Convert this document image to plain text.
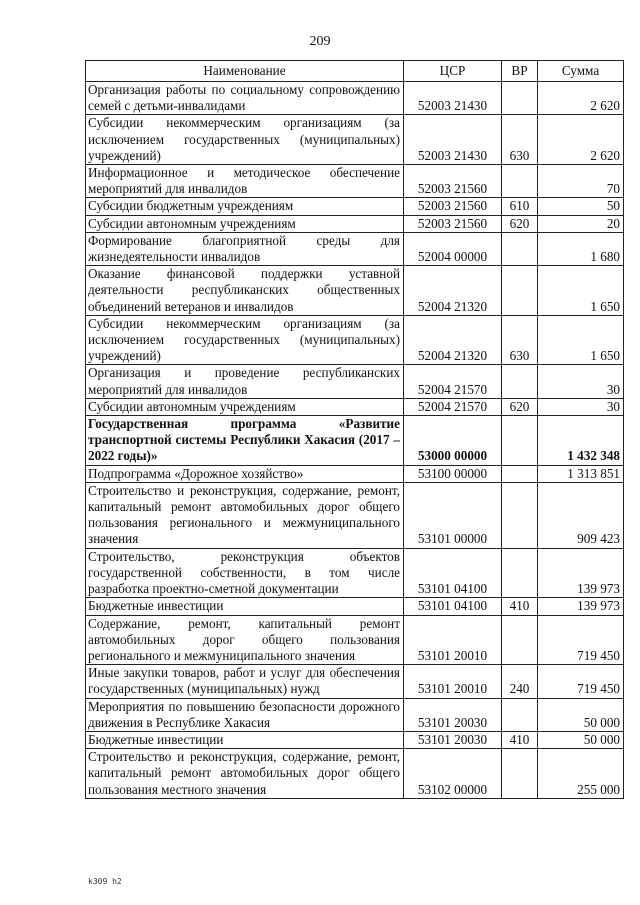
209
Наименование	ЦСР	ВР	Сумма
Организация работы по социальному сопровождению семей с детьми-инвалидами	52003 21430		2 620
Субсидии некоммерческим организациям (за исключением государственных (муниципальных) учреждений)	52003 21430	630	2 620
Информационное и методическое обеспечение мероприятий для инвалидов	52003 21560		70
Субсидии бюджетным учреждениям	52003 21560	610	50
Субсидии автономным учреждениям	52003 21560	620	20
Формирование благоприятной среды для жизнедеятельности инвалидов	52004 00000		1 680
Оказание финансовой поддержки уставной деятельности республиканских общественных объединений ветеранов и инвалидов	52004 21320		1 650
Субсидии некоммерческим организациям (за исключением государственных (муниципальных) учреждений)	52004 21320	630	1 650
Организация и проведение республиканских мероприятий для инвалидов	52004 21570		30
Субсидии автономным учреждениям	52004 21570	620	30
Государственная программа «Развитие транспортной системы Республики Хакасия (2017 – 2022 годы)»	53000 00000		1 432 348
Подпрограмма «Дорожное хозяйство»	53100 00000		1 313 851
Строительство и реконструкция, содержание, ремонт, капитальный ремонт автомобильных дорог общего пользования регионального и межмуниципального значения	53101 00000		909 423
Строительство, реконструкция объектов государственной собственности, в том числе разработка проектно-сметной документации	53101 04100		139 973
Бюджетные инвестиции	53101 04100	410	139 973
Содержание, ремонт, капитальный ремонт автомобильных дорог общего пользования регионального и межмуниципального значения	53101 20010		719 450
Иные закупки товаров, работ и услуг для обеспечения государственных (муниципальных) нужд	53101 20010	240	719 450
Мероприятия по повышению безопасности дорожного движения в Республике Хакасия	53101 20030		50 000
Бюджетные инвестиции	53101 20030	410	50 000
Строительство и реконструкция, содержание, ремонт, капитальный ремонт автомобильных дорог общего пользования местного значения	53102 00000		255 000
k309 h2
